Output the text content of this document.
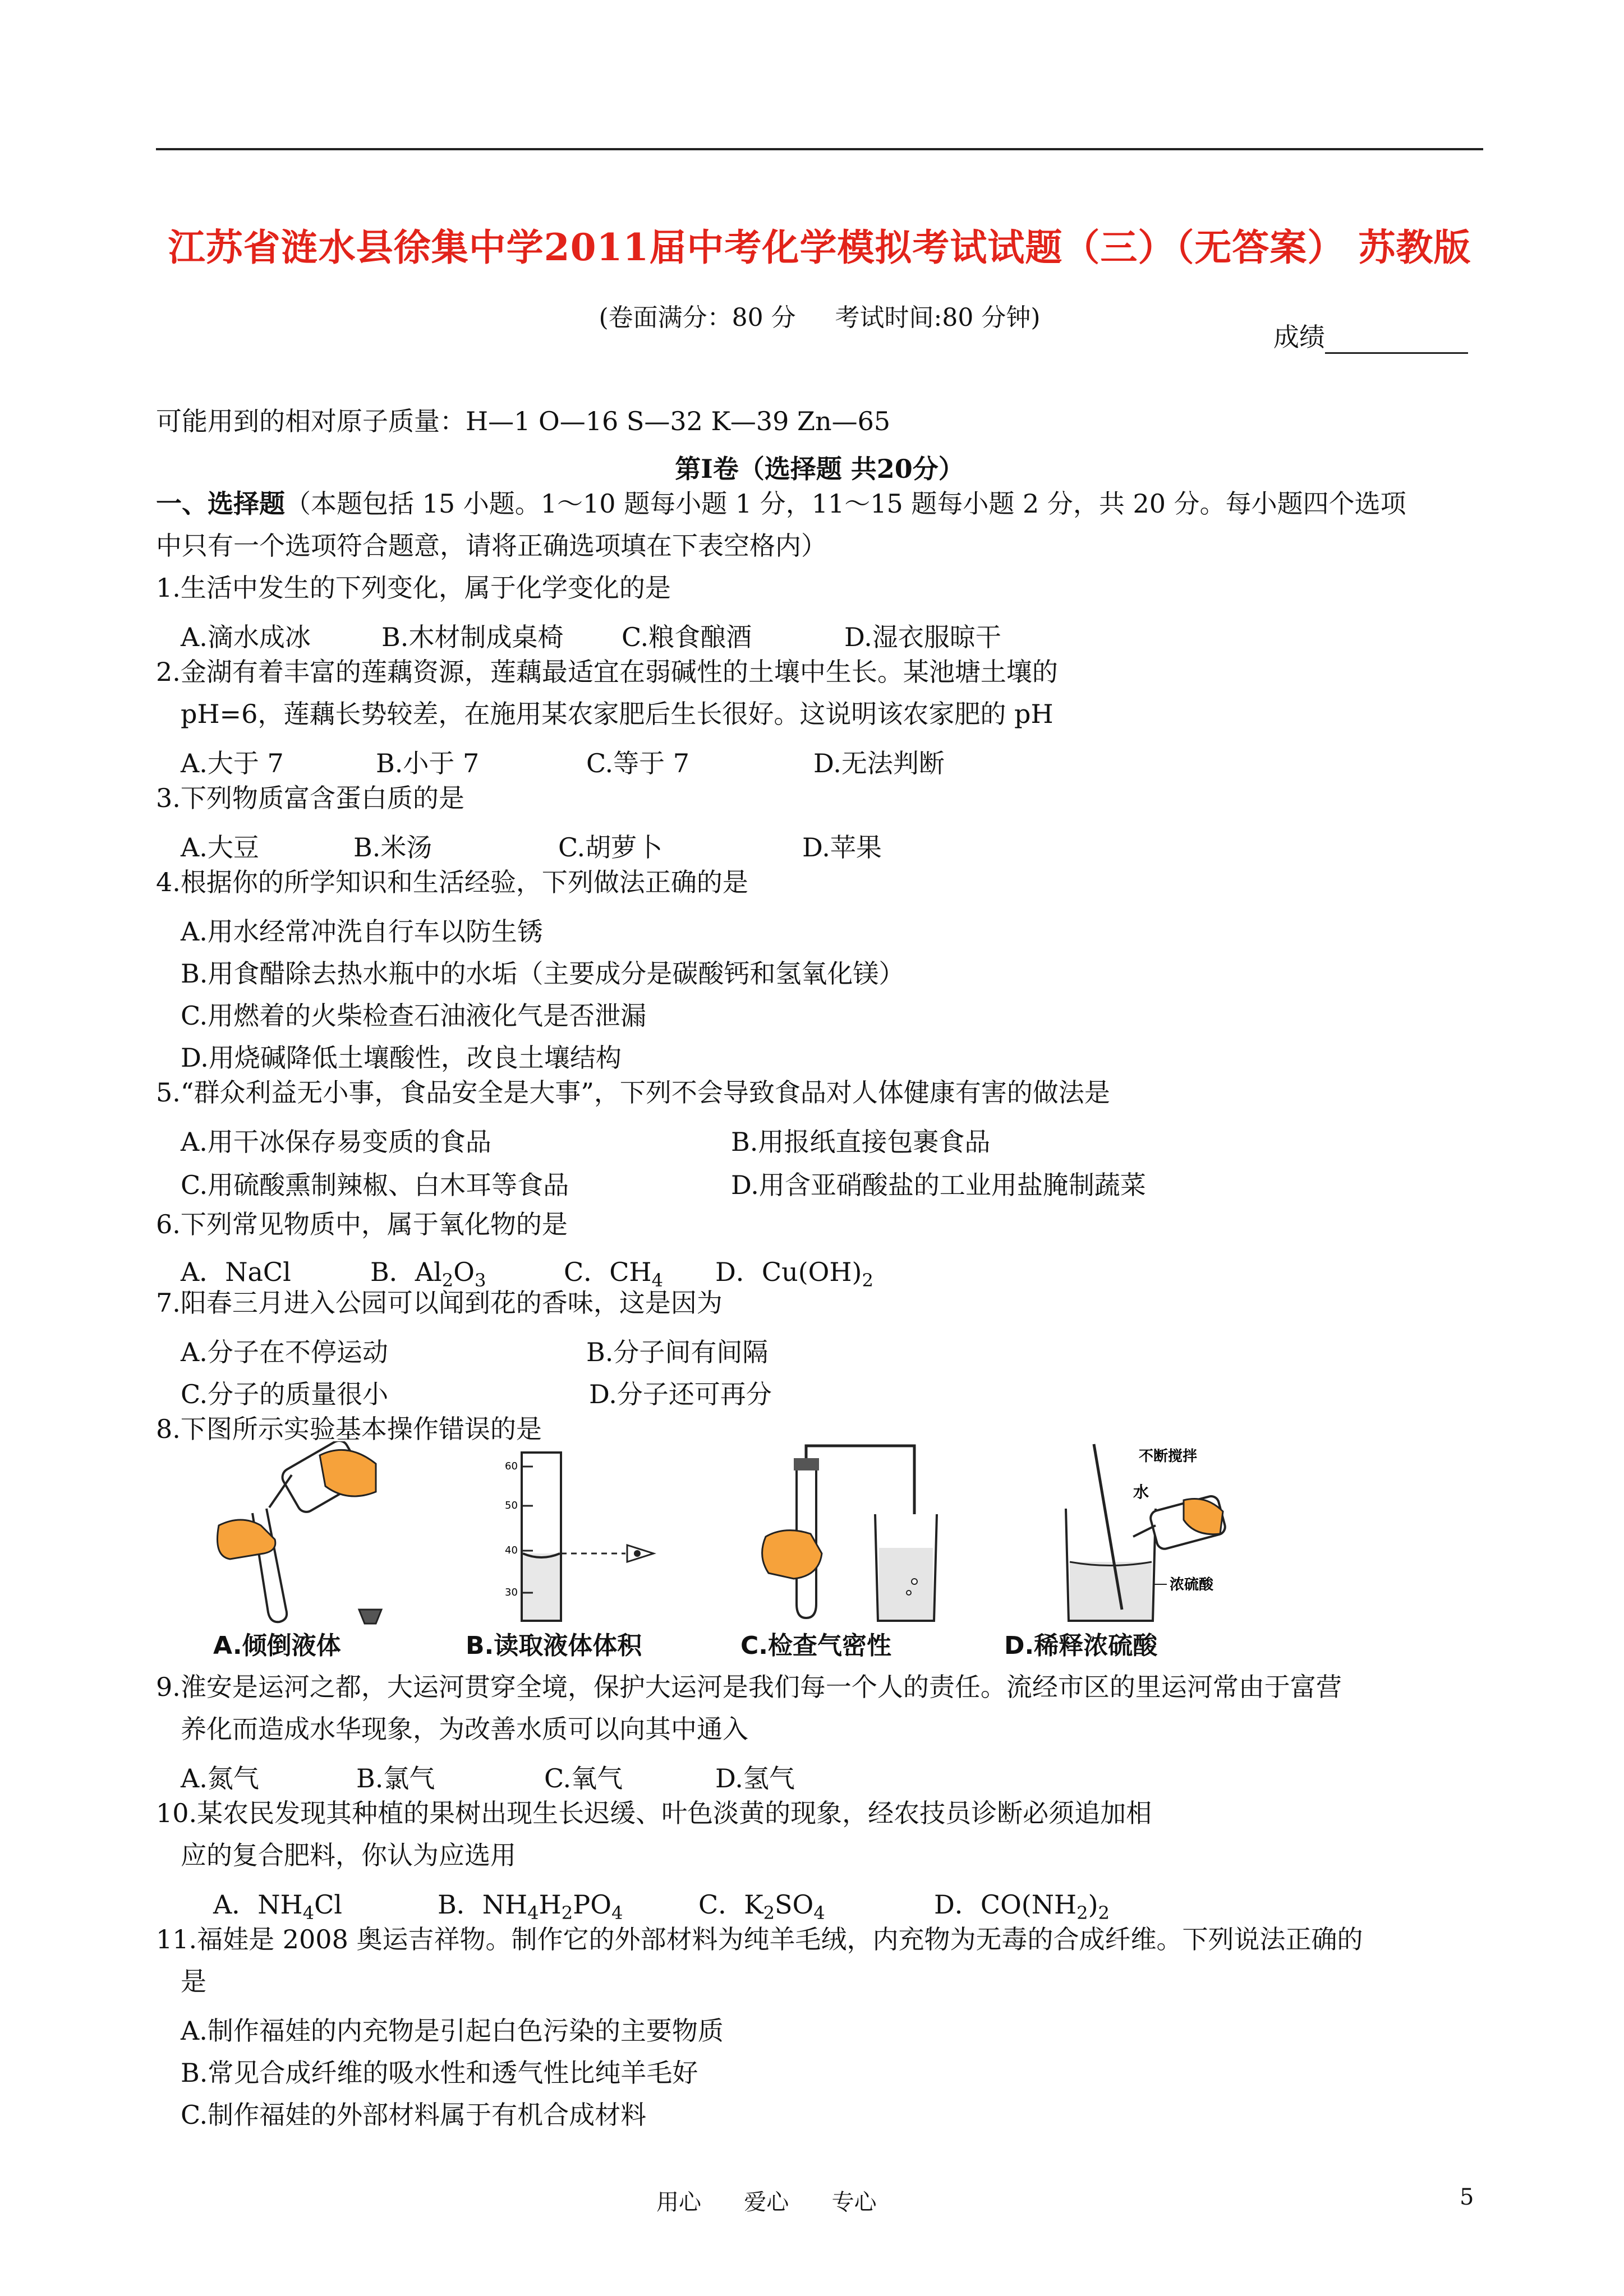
江苏省涟水县徐集中学2011届中考化学模拟考试试题（三）（无答案） 苏教版
(卷面满分：80 分     考试时间:80 分钟)
成绩
可能用到的相对原子质量：H—1 O—16 S—32 K—39 Zn—65
第Ⅰ卷（选择题 共20分）
一、选择题（本题包括 15 小题。1～10 题每小题 1 分，11～15 题每小题 2 分，共 20 分。每小题四个选项
中只有一个选项符合题意，请将正确选项填在下表空格内）
1.生活中发生的下列变化，属于化学变化的是
A.滴水成冰	B.木材制成桌椅 C.粮食酿酒	D.湿衣服晾干
2.金湖有着丰富的莲藕资源，莲藕最适宜在弱碱性的土壤中生长。某池塘土壤的
pH=6，莲藕长势较差，在施用某农家肥后生长很好。这说明该农家肥的 pH
A.大于 7	B.小于 7	C.等于 7	D.无法判断
3.下列物质富含蛋白质的是
A.大豆	B.米汤	C.胡萝卜	D.苹果
4.根据你的所学知识和生活经验，下列做法正确的是
A.用水经常冲洗自行车以防生锈
B.用食醋除去热水瓶中的水垢（主要成分是碳酸钙和氢氧化镁）
C.用燃着的火柴检查石油液化气是否泄漏
D.用烧碱降低土壤酸性，改良土壤结构
5.“群众利益无小事，食品安全是大事”，下列不会导致食品对人体健康有害的做法是
A.用干冰保存易变质的食品	B.用报纸直接包裹食品
C.用硫酸熏制辣椒、白木耳等食品	D.用含亚硝酸盐的工业用盐腌制蔬菜
6.下列常见物质中，属于氧化物的是
A．NaCl	B．$Al_2O_3$	C．$CH_4$ D．$Cu(OH)_2$
7.阳春三月进入公园可以闻到花的香味，这是因为
A.分子在不停运动	B.分子间有间隔
C.分子的质量很小	D.分子还可再分
8.下图所示实验基本操作错误的是
A.倾倒液体
60
50
40
30
B.读取液体体积	C.检查气密性
不断搅拌
水
浓硫酸
D.稀释浓硫酸
9.淮安是运河之都，大运河贯穿全境，保护大运河是我们每一个人的责任。流经市区的里运河常由于富营
养化而造成水华现象，为改善水质可以向其中通入
A.氮气	B.氯气	C.氧气	D.氢气
10.某农民发现其种植的果树出现生长迟缓、叶色淡黄的现象，经农技员诊断必须追加相
应的复合肥料，你认为应选用
A．$NH_4Cl$	B．$NH_4H_2PO_4$	C．$K_2SO_4$	D．$CO(NH_2)_2$
11.福娃是 2008 奥运吉祥物。制作它的外部材料为纯羊毛绒，内充物为无毒的合成纤维。下列说法正确的
是
A.制作福娃的内充物是引起白色污染的主要物质
B.常见合成纤维的吸水性和透气性比纯羊毛好
C.制作福娃的外部材料属于有机合成材料
用心      爱心      专心	5
